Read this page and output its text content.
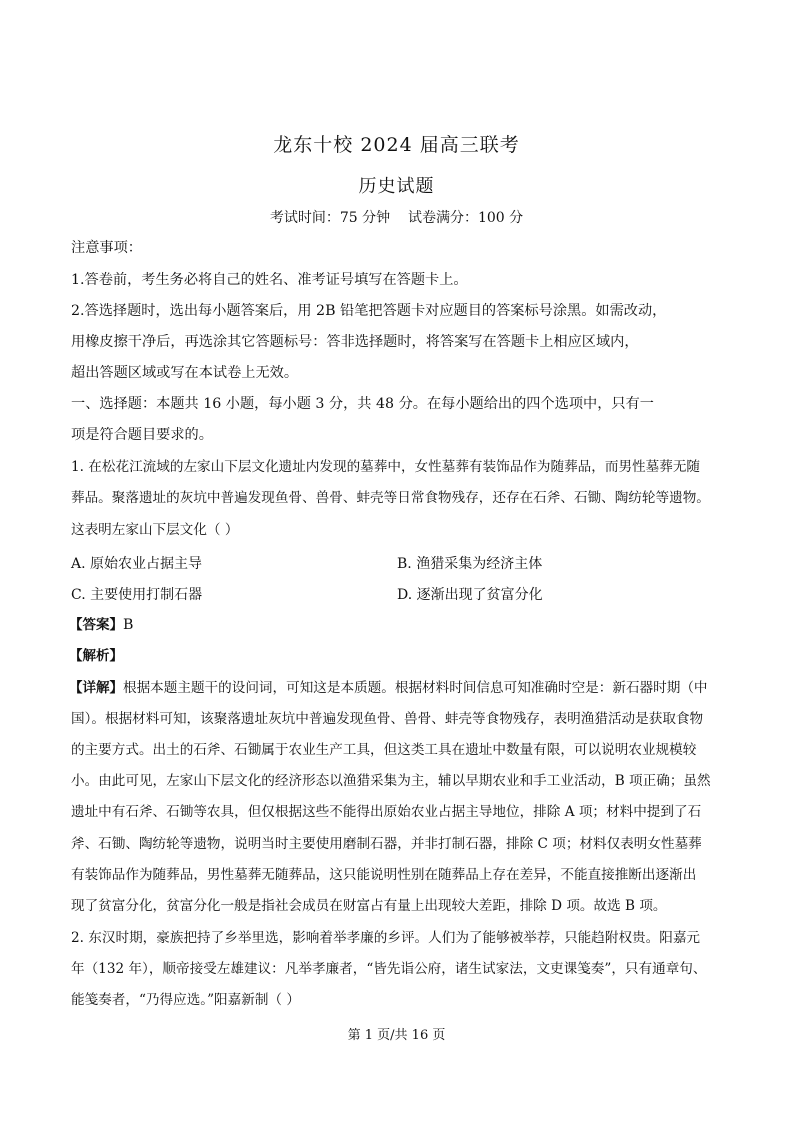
龙东十校 2024 届高三联考
历史试题
考试时间：75 分钟    试卷满分：100 分
注意事项：
1.答卷前，考生务必将自己的姓名、准考证号填写在答题卡上。
2.答选择题时，选出每小题答案后，用 2B 铅笔把答题卡对应题目的答案标号涂黑。如需改动，
用橡皮擦干净后，再选涂其它答题标号：答非选择题时，将答案写在答题卡上相应区域内，
超出答题区域或写在本试卷上无效。
一、选择题：本题共 16 小题，每小题 3 分，共 48 分。在每小题给出的四个选项中，只有一
项是符合题目要求的。
1. 在松花江流域的左家山下层文化遗址内发现的墓葬中，女性墓葬有装饰品作为随葬品，而男性墓葬无随
葬品。聚落遗址的灰坑中普遍发现鱼骨、兽骨、蚌壳等日常食物残存，还存在石斧、石锄、陶纺轮等遗物。
这表明左家山下层文化（ ）
A. 原始农业占据主导	B. 渔猎采集为经济主体
C. 主要使用打制石器	D. 逐渐出现了贫富分化
【答案】B
【解析】
【详解】根据本题主题干的设问词，可知这是本质题。根据材料时间信息可知准确时空是：新石器时期（中
国）。根据材料可知，该聚落遗址灰坑中普遍发现鱼骨、兽骨、蚌壳等食物残存，表明渔猎活动是获取食物
的主要方式。出土的石斧、石锄属于农业生产工具，但这类工具在遗址中数量有限，可以说明农业规模较
小。由此可见，左家山下层文化的经济形态以渔猎采集为主，辅以早期农业和手工业活动，B 项正确；虽然
遗址中有石斧、石锄等农具，但仅根据这些不能得出原始农业占据主导地位，排除 A 项；材料中提到了石
斧、石锄、陶纺轮等遗物，说明当时主要使用磨制石器，并非打制石器，排除 C 项；材料仅表明女性墓葬
有装饰品作为随葬品，男性墓葬无随葬品，这只能说明性别在随葬品上存在差异，不能直接推断出逐渐出
现了贫富分化，贫富分化一般是指社会成员在财富占有量上出现较大差距，排除 D 项。故选 B 项。
2. 东汉时期，豪族把持了乡举里选，影响着举孝廉的乡评。人们为了能够被举荐，只能趋附权贵。阳嘉元
年（132 年），顺帝接受左雄建议：凡举孝廉者，“皆先诣公府，诸生试家法，文吏课笺奏”，只有通章句、
能笺奏者，“乃得应选。”阳嘉新制（ ）
第 1 页/共 16 页
